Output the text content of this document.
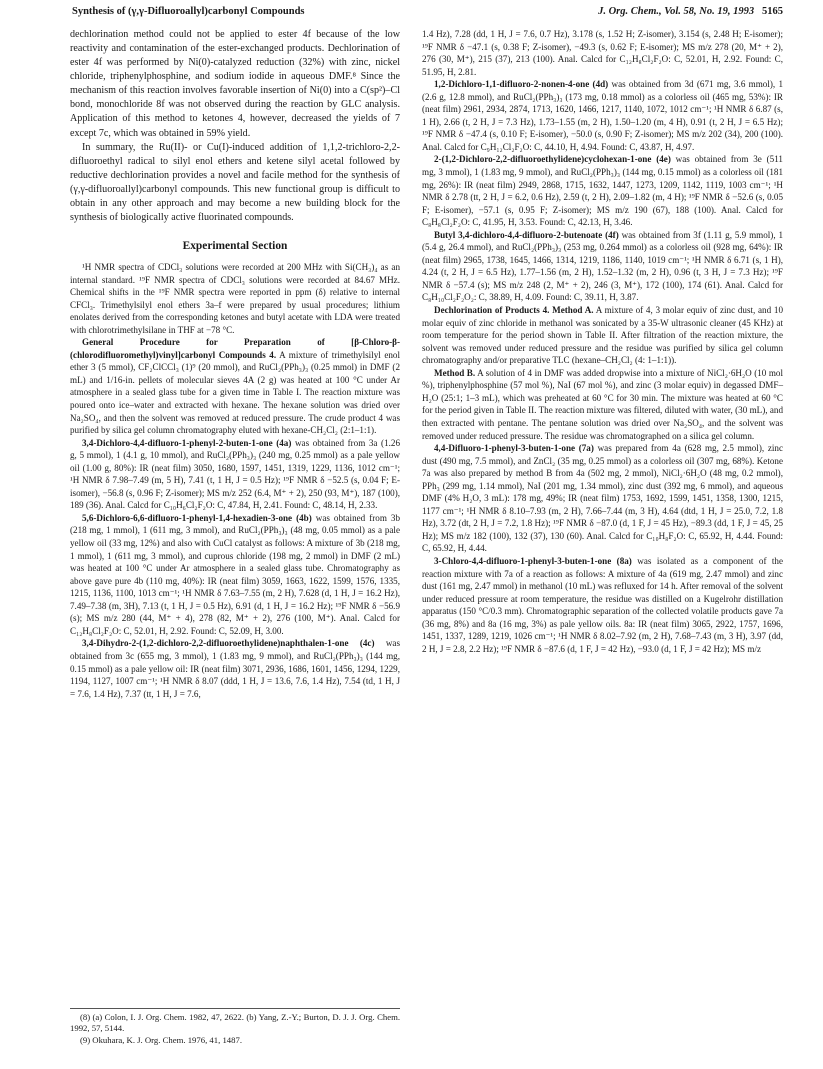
Synthesis of (γ,γ-Difluoroallyl)carbonyl Compounds	J. Org. Chem., Vol. 58, No. 19, 1993 5165

dechlorination method could not be applied to ester 4f because of the low reactivity and contamination of the ester-exchanged products. Dechlorination of ester 4f was performed by Ni(0)-catalyzed reduction (32%) with zinc, nickel chloride, triphenylphosphine, and sodium iodide in aqueous DMF.⁸ Since the mechanism of this reaction involves favorable insertion of Ni(0) into a C(sp²)–Cl bond, monochloride 8f was not observed during the reaction by GLC analysis. Application of this method to ketones 4, however, decreased the yields of 7 except 7c, which was obtained in 59% yield.

In summary, the Ru(II)- or Cu(I)-induced addition of 1,1,2-trichloro-2,2-difluoroethyl radical to silyl enol ethers and ketene silyl acetal followed by reductive dechlorination provides a novel and facile method for the synthesis of (γ,γ-difluoroallyl)carbonyl compounds. This new functional group is difficult to obtain in any other approach and may become a new building block for the synthesis of biologically active fluorinated compounds.

Experimental Section

¹H NMR spectra of CDCl₃ solutions were recorded at 200 MHz with Si(CH₃)₄ as an internal standard. ¹⁹F NMR spectra of CDCl₃ solutions were recorded at 84.67 MHz. Chemical shifts in the ¹⁹F NMR spectra were reported in ppm (δ) relative to internal CFCl₃. Trimethylsilyl enol ethers 3a–f were prepared by usual procedures; lithium enolates derived from the corresponding ketones and butyl acetate with LDA were treated with chlorotrimethylsilane in THF at −78 °C.

General Procedure for Preparation of [β-Chloro-β-(chlorodifluoromethyl)vinyl]carbonyl Compounds 4. A mixture of trimethylsilyl enol ether 3 (5 mmol), CF₂ClCCl₃ (1)⁹ (20 mmol), and RuCl₂(PPh₃)₃ (0.25 mmol) in DMF (2 mL) and 1/16-in. pellets of molecular sieves 4A (2 g) was heated at 100 °C under Ar atmosphere in a sealed glass tube for a given time in Table I. The reaction mixture was poured onto ice–water and extracted with hexane. The hexane solution was dried over Na₂SO₄, and then the solvent was removed at reduced pressure. The crude product 4 was purified by silica gel column chromatography eluted with hexane-CH₂Cl₂ (2:1–1:1).

3,4-Dichloro-4,4-difluoro-1-phenyl-2-buten-1-one (4a) was obtained from 3a (1.26 g, 5 mmol), 1 (4.1 g, 10 mmol), and RuCl₂(PPh₃)₃ (240 mg, 0.25 mmol) as a pale yellow oil (1.00 g, 80%): IR (neat film) 3050, 1680, 1597, 1451, 1319, 1229, 1136, 1012 cm⁻¹; ¹H NMR δ 7.98–7.49 (m, 5 H), 7.41 (t, 1 H, J = 0.5 Hz); ¹⁹F NMR δ −52.5 (s, 0.04 F; E-isomer), −56.8 (s, 0.96 F; Z-isomer); MS m/z 252 (6.4, M⁺ + 2), 250 (93, M⁺), 187 (100), 189 (36). Anal. Calcd for C₁₀H₆Cl₂F₂O: C, 47.84, H, 2.41. Found: C, 48.14, H, 2.33.

5,6-Dichloro-6,6-difluoro-1-phenyl-1,4-hexadien-3-one (4b) was obtained from 3b (218 mg, 1 mmol), 1 (611 mg, 3 mmol), and RuCl₂(PPh₃)₃ (48 mg, 0.05 mmol) as a pale yellow oil (33 mg, 12%) and also with CuCl catalyst as follows: A mixture of 3b (218 mg, 1 mmol), 1 (611 mg, 3 mmol), and cuprous chloride (198 mg, 2 mmol) in DMF (2 mL) was heated at 100 °C under Ar atmosphere in a sealed glass tube. Chromatography as above gave pure 4b (110 mg, 40%): IR (neat film) 3059, 1663, 1622, 1599, 1576, 1335, 1215, 1136, 1100, 1013 cm⁻¹; ¹H NMR δ 7.63–7.55 (m, 2 H), 7.628 (d, 1 H, J = 16.2 Hz), 7.49–7.38 (m, 3H), 7.13 (t, 1 H, J = 0.5 Hz), 6.91 (d, 1 H, J = 16.2 Hz); ¹⁹F NMR δ −56.9 (s); MS m/z 280 (44, M⁺ + 4), 278 (82, M⁺ + 2), 276 (100, M⁺). Anal. Calcd for C₁₂H₈Cl₂F₂O: C, 52.01, H, 2.92. Found: C, 52.09, H, 3.00.

3,4-Dihydro-2-(1,2-dichloro-2,2-difluoroethylidene)naphthalen-1-one (4c) was obtained from 3c (655 mg, 3 mmol), 1 (1.83 mg, 9 mmol), and RuCl₂(PPh₃)₃ (144 mg, 0.15 mmol) as a pale yellow oil: IR (neat film) 3071, 2936, 1686, 1601, 1456, 1294, 1229, 1194, 1127, 1007 cm⁻¹; ¹H NMR δ 8.07 (ddd, 1 H, J = 13.6, 7.6, 1.4 Hz), 7.54 (td, 1 H, J = 7.6, 1.4 Hz), 7.37 (tt, 1 H, J = 7.6,

(8) (a) Colon, I. J. Org. Chem. 1982, 47, 2622. (b) Yang, Z.-Y.; Burton, D. J. J. Org. Chem. 1992, 57, 5144.
(9) Okuhara, K. J. Org. Chem. 1976, 41, 1487.

1.4 Hz), 7.28 (dd, 1 H, J = 7.6, 0.7 Hz), 3.178 (s, 1.52 H; Z-isomer), 3.154 (s, 2.48 H; E-isomer); ¹⁹F NMR δ −47.1 (s, 0.38 F; Z-isomer), −49.3 (s, 0.62 F; E-isomer); MS m/z 278 (20, M⁺ + 2), 276 (30, M⁺), 215 (37), 213 (100). Anal. Calcd for C₁₂H₈Cl₂F₂O: C, 52.01, H, 2.92. Found: C, 51.95, H, 2.81.

1,2-Dichloro-1,1-difluoro-2-nonen-4-one (4d) was obtained from 3d (671 mg, 3.6 mmol), 1 (2.6 g, 12.8 mmol), and RuCl₂(PPh₃)₃ (173 mg, 0.18 mmol) as a colorless oil (465 mg, 53%): IR (neat film) 2961, 2934, 2874, 1713, 1620, 1466, 1217, 1140, 1072, 1012 cm⁻¹; ¹H NMR δ 6.87 (s, 1 H), 2.66 (t, 2 H, J = 7.3 Hz), 1.73–1.55 (m, 2 H), 1.50–1.20 (m, 4 H), 0.91 (t, 2 H, J = 6.5 Hz); ¹⁹F NMR δ −47.4 (s, 0.10 F; E-isomer), −50.0 (s, 0.90 F; Z-isomer); MS m/z 202 (34), 200 (100). Anal. Calcd for C₉H₁₂Cl₂F₂O: C, 44.10, H, 4.94. Found: C, 43.87, H, 4.97.

2-(1,2-Dichloro-2,2-difluoroethylidene)cyclohexan-1-one (4e) was obtained from 3e (511 mg, 3 mmol), 1 (1.83 mg, 9 mmol), and RuCl₂(PPh₃)₃ (144 mg, 0.15 mmol) as a colorless oil (181 mg, 26%): IR (neat film) 2949, 2868, 1715, 1632, 1447, 1273, 1209, 1142, 1119, 1003 cm⁻¹; ¹H NMR δ 2.78 (tt, 2 H, J = 6.2, 0.6 Hz), 2.59 (t, 2 H), 2.09–1.82 (m, 4 H); ¹⁹F NMR δ −52.6 (s, 0.05 F; E-isomer), −57.1 (s, 0.95 F; Z-isomer); MS m/z 190 (67), 188 (100). Anal. Calcd for C₈H₈Cl₂F₂O: C, 41.95, H, 3.53. Found: C, 42.13, H, 3.46.

Butyl 3,4-dichloro-4,4-difluoro-2-butenoate (4f) was obtained from 3f (1.11 g, 5.9 mmol), 1 (5.4 g, 26.4 mmol), and RuCl₂(PPh₃)₃ (253 mg, 0.264 mmol) as a colorless oil (928 mg, 64%): IR (neat film) 2965, 1738, 1645, 1466, 1314, 1219, 1186, 1140, 1019 cm⁻¹; ¹H NMR δ 6.71 (s, 1 H), 4.24 (t, 2 H, J = 6.5 Hz), 1.77–1.56 (m, 2 H), 1.52–1.32 (m, 2 H), 0.96 (t, 3 H, J = 7.3 Hz); ¹⁹F NMR δ −57.4 (s); MS m/z 248 (2, M⁺ + 2), 246 (3, M⁺), 172 (100), 174 (61). Anal. Calcd for C₈H₁₀Cl₂F₂O₂: C, 38.89, H, 4.09. Found: C, 39.11, H, 3.87.

Dechlorination of Products 4. Method A. A mixture of 4, 3 molar equiv of zinc dust, and 10 molar equiv of zinc chloride in methanol was sonicated by a 35-W ultrasonic cleaner (45 KHz) at room temperature for the period shown in Table II. After filtration of the reaction mixture, the solvent was removed under reduced pressure and the residue was purified by silica gel column chromatography and/or preparative TLC (hexane–CH₂Cl₂ (4: 1–1:1)).

Method B. A solution of 4 in DMF was added dropwise into a mixture of NiCl₂·6H₂O (10 mol %), triphenylphosphine (57 mol %), NaI (67 mol %), and zinc (3 molar equiv) in degassed DMF–H₂O (25:1; 1–3 mL), which was preheated at 60 °C for 30 min. The mixture was heated at 60 °C for the period given in Table II. The reaction mixture was filtered, diluted with water, (30 mL), and then extracted with pentane. The pentane solution was dried over Na₂SO₄, and the solvent was removed under reduced pressure. The residue was chromatographed on a silica gel column.

4,4-Difluoro-1-phenyl-3-buten-1-one (7a) was prepared from 4a (628 mg, 2.5 mmol), zinc dust (490 mg, 7.5 mmol), and ZnCl₂ (35 mg, 0.25 mmol) as a colorless oil (307 mg, 68%). Ketone 7a was also prepared by method B from 4a (502 mg, 2 mmol), NiCl₂·6H₂O (48 mg, 0.2 mmol), PPh₃ (299 mg, 1.14 mmol), NaI (201 mg, 1.34 mmol), zinc dust (392 mg, 6 mmol), and aqueous DMF (4% H₂O, 3 mL): 178 mg, 49%; IR (neat film) 1753, 1692, 1599, 1451, 1358, 1300, 1215, 1177 cm⁻¹; ¹H NMR δ 8.10–7.93 (m, 2 H), 7.66–7.44 (m, 3 H), 4.64 (dtd, 1 H, J = 25.0, 7.2, 1.8 Hz), 3.72 (dt, 2 H, J = 7.2, 1.8 Hz); ¹⁹F NMR δ −87.0 (d, 1 F, J = 45 Hz), −89.3 (dd, 1 F, J = 45, 25 Hz); MS m/z 182 (100), 132 (37), 130 (60). Anal. Calcd for C₁₀H₈F₂O: C, 65.92, H, 4.44. Found: C, 65.92, H, 4.44.

3-Chloro-4,4-difluoro-1-phenyl-3-buten-1-one (8a) was isolated as a component of the reaction mixture with 7a of a reaction as follows: A mixture of 4a (619 mg, 2.47 mmol) and zinc dust (161 mg, 2.47 mmol) in methanol (10 mL) was refluxed for 14 h. After removal of the solvent under reduced pressure at room temperature, the residue was distilled on a Kugelrohr distillation apparatus (150 °C/0.3 mm). Chromatographic separation of the collected volatile products gave 7a (36 mg, 8%) and 8a (16 mg, 3%) as pale yellow oils. 8a: IR (neat film) 3065, 2922, 1757, 1696, 1451, 1337, 1289, 1219, 1026 cm⁻¹; ¹H NMR δ 8.02–7.92 (m, 2 H), 7.68–7.43 (m, 3 H), 3.97 (dd, 2 H, J = 2.8, 2.2 Hz); ¹⁹F NMR δ −87.6 (d, 1 F, J = 42 Hz), −93.0 (d, 1 F, J = 42 Hz); MS m/z
